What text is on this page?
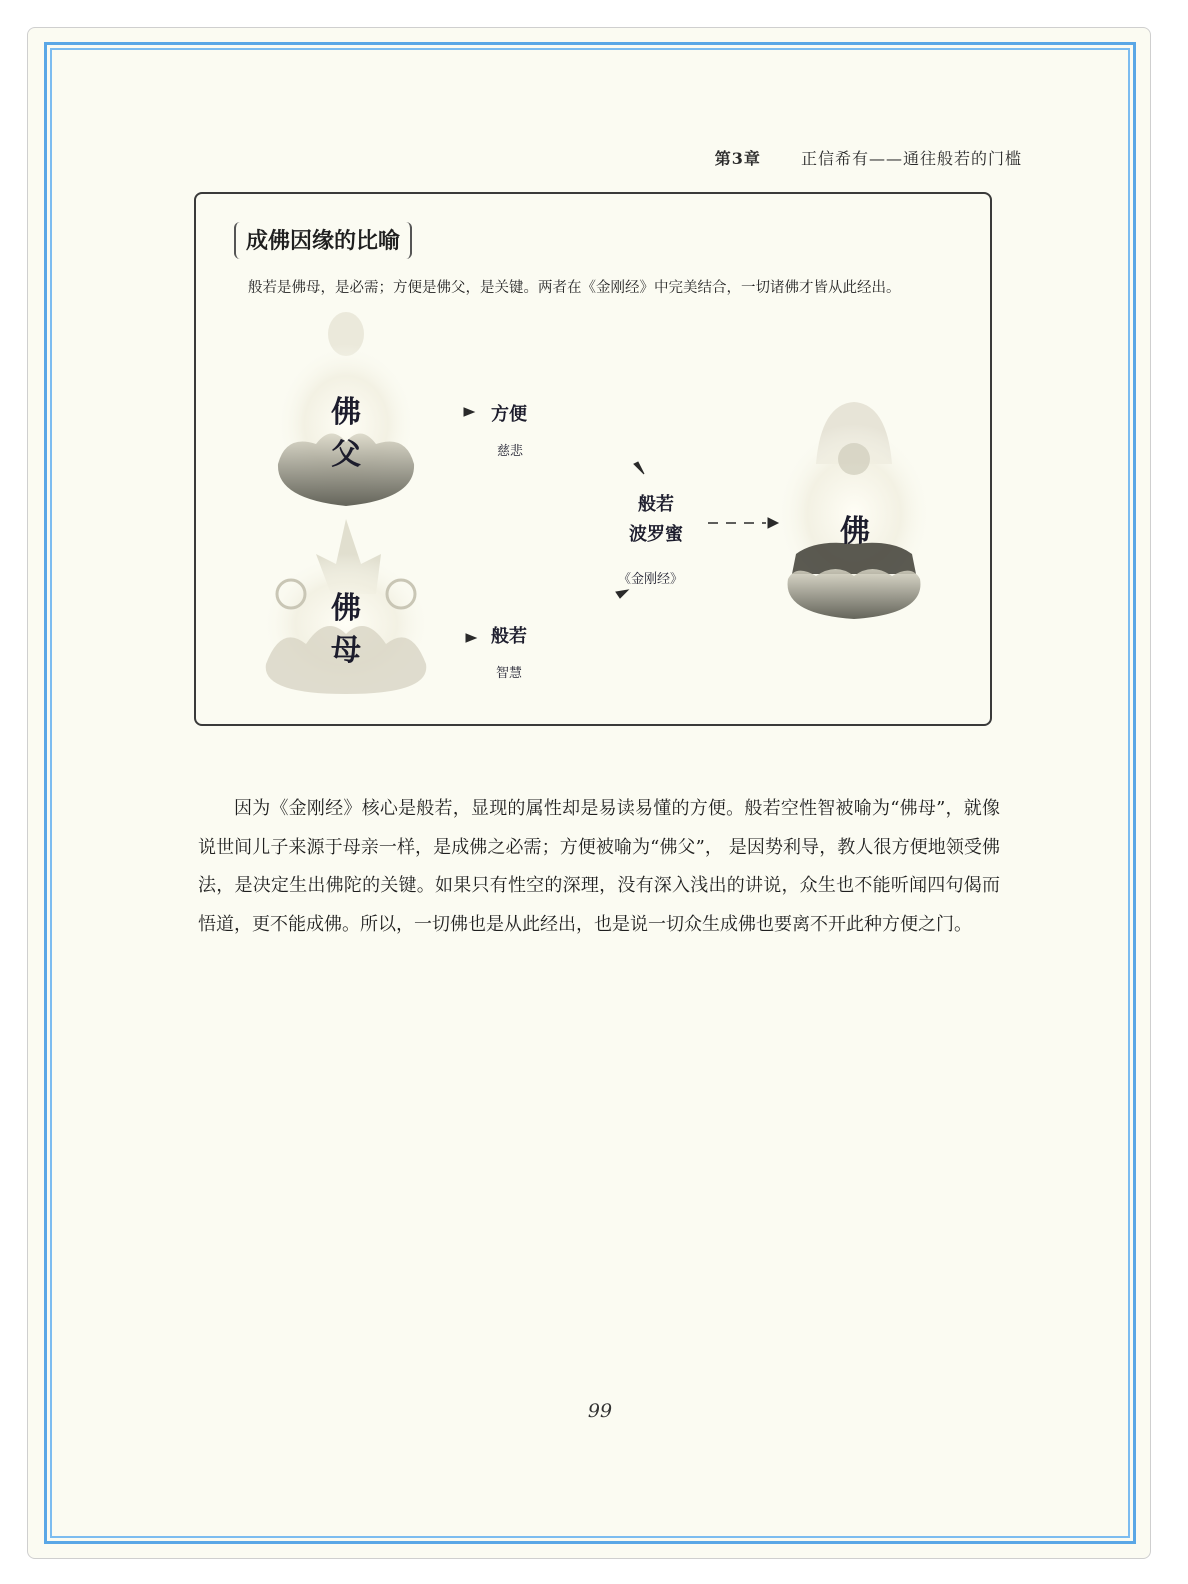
第3章	正信希有——通往般若的门槛
成佛因缘的比喻
般若是佛母，是必需；方便是佛父，是关键。两者在《金刚经》中完美结合，一切诸佛才皆从此经出。
佛
父
佛
母
方便
慈悲
般若
智慧
般若
波罗蜜
《金刚经》
佛
因为《金刚经》核心是般若，显现的属性却是易读易懂的方便。般若空性智被喻为“佛母”，就像说世间儿子来源于母亲一样，是成佛之必需；方便被喻为“佛父”， 是因势利导，教人很方便地领受佛法，是决定生出佛陀的关键。如果只有性空的深理，没有深入浅出的讲说，众生也不能听闻四句偈而悟道，更不能成佛。所以，一切佛也是从此经出，也是说一切众生成佛也要离不开此种方便之门。
99
